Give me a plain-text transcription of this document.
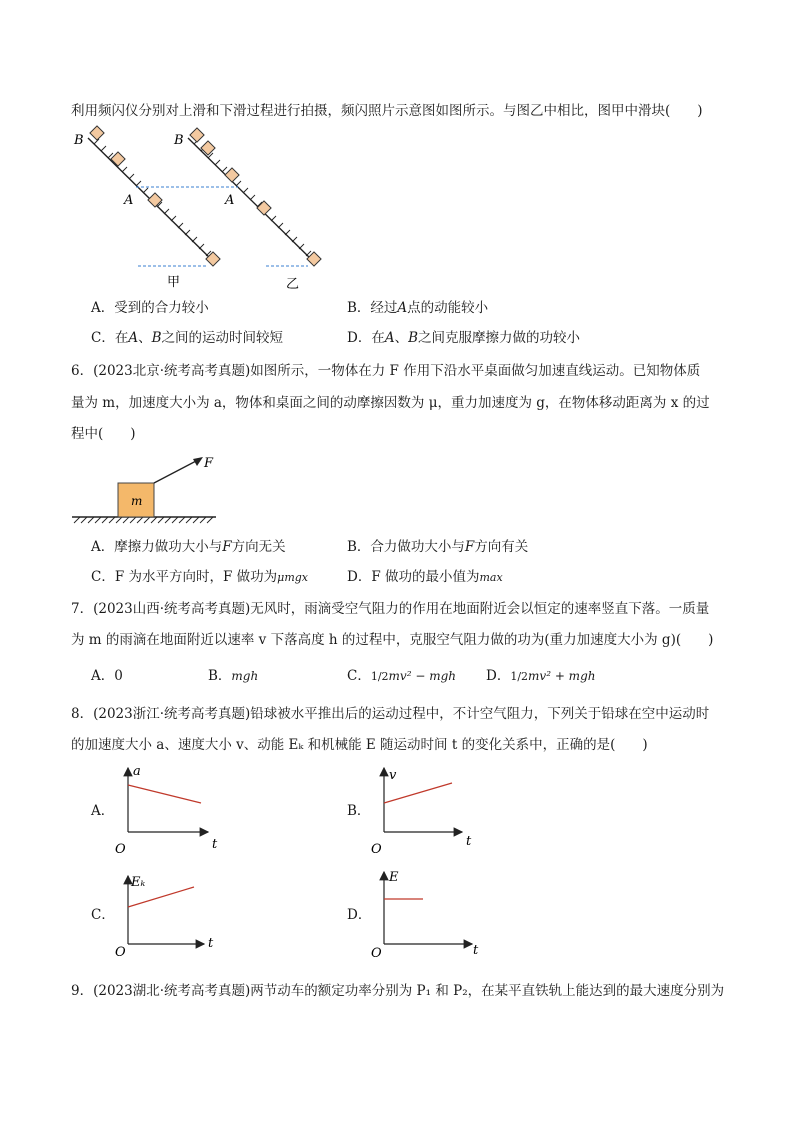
利用频闪仪分别对上滑和下滑过程进行拍摄，频闪照片示意图如图所示。与图乙中相比，图甲中滑块(　　)
B
A
B
A
甲	乙
A．受到的合力较小	B．经过A点的动能较小
C．在A、B之间的运动时间较短	D．在A、B之间克服摩擦力做的功较小
6．(2023北京·统考高考真题)如图所示，一物体在力 F 作用下沿水平桌面做匀加速直线运动。已知物体质
量为 m，加速度大小为 a，物体和桌面之间的动摩擦因数为 μ，重力加速度为 g，在物体移动距离为 x 的过
程中(　　)
m
F
A．摩擦力做功大小与F方向无关	B．合力做功大小与F方向有关
C．F 为水平方向时，F 做功为μmgx	D．F 做功的最小值为max
7．(2023山西·统考高考真题)无风时，雨滴受空气阻力的作用在地面附近会以恒定的速率竖直下落。一质量
为 m 的雨滴在地面附近以速率 v 下落高度 h 的过程中，克服空气阻力做的功为(重力加速度大小为 g)(　　)
A．0	B．mgh	C．1/2mv² − mgh D．1/2mv² + mgh
8．(2023浙江·统考高考真题)铅球被水平推出后的运动过程中，不计空气阻力，下列关于铅球在空中运动时
的加速度大小 a、速度大小 v、动能 Eₖ 和机械能 E 随运动时间 t 的变化关系中，正确的是(　　)
A．	B．
C．	D．
a
t
O
v
t
O
Eₖ
t
O
E
t
O
9．(2023湖北·统考高考真题)两节动车的额定功率分别为 P₁ 和 P₂，在某平直铁轨上能达到的最大速度分别为
